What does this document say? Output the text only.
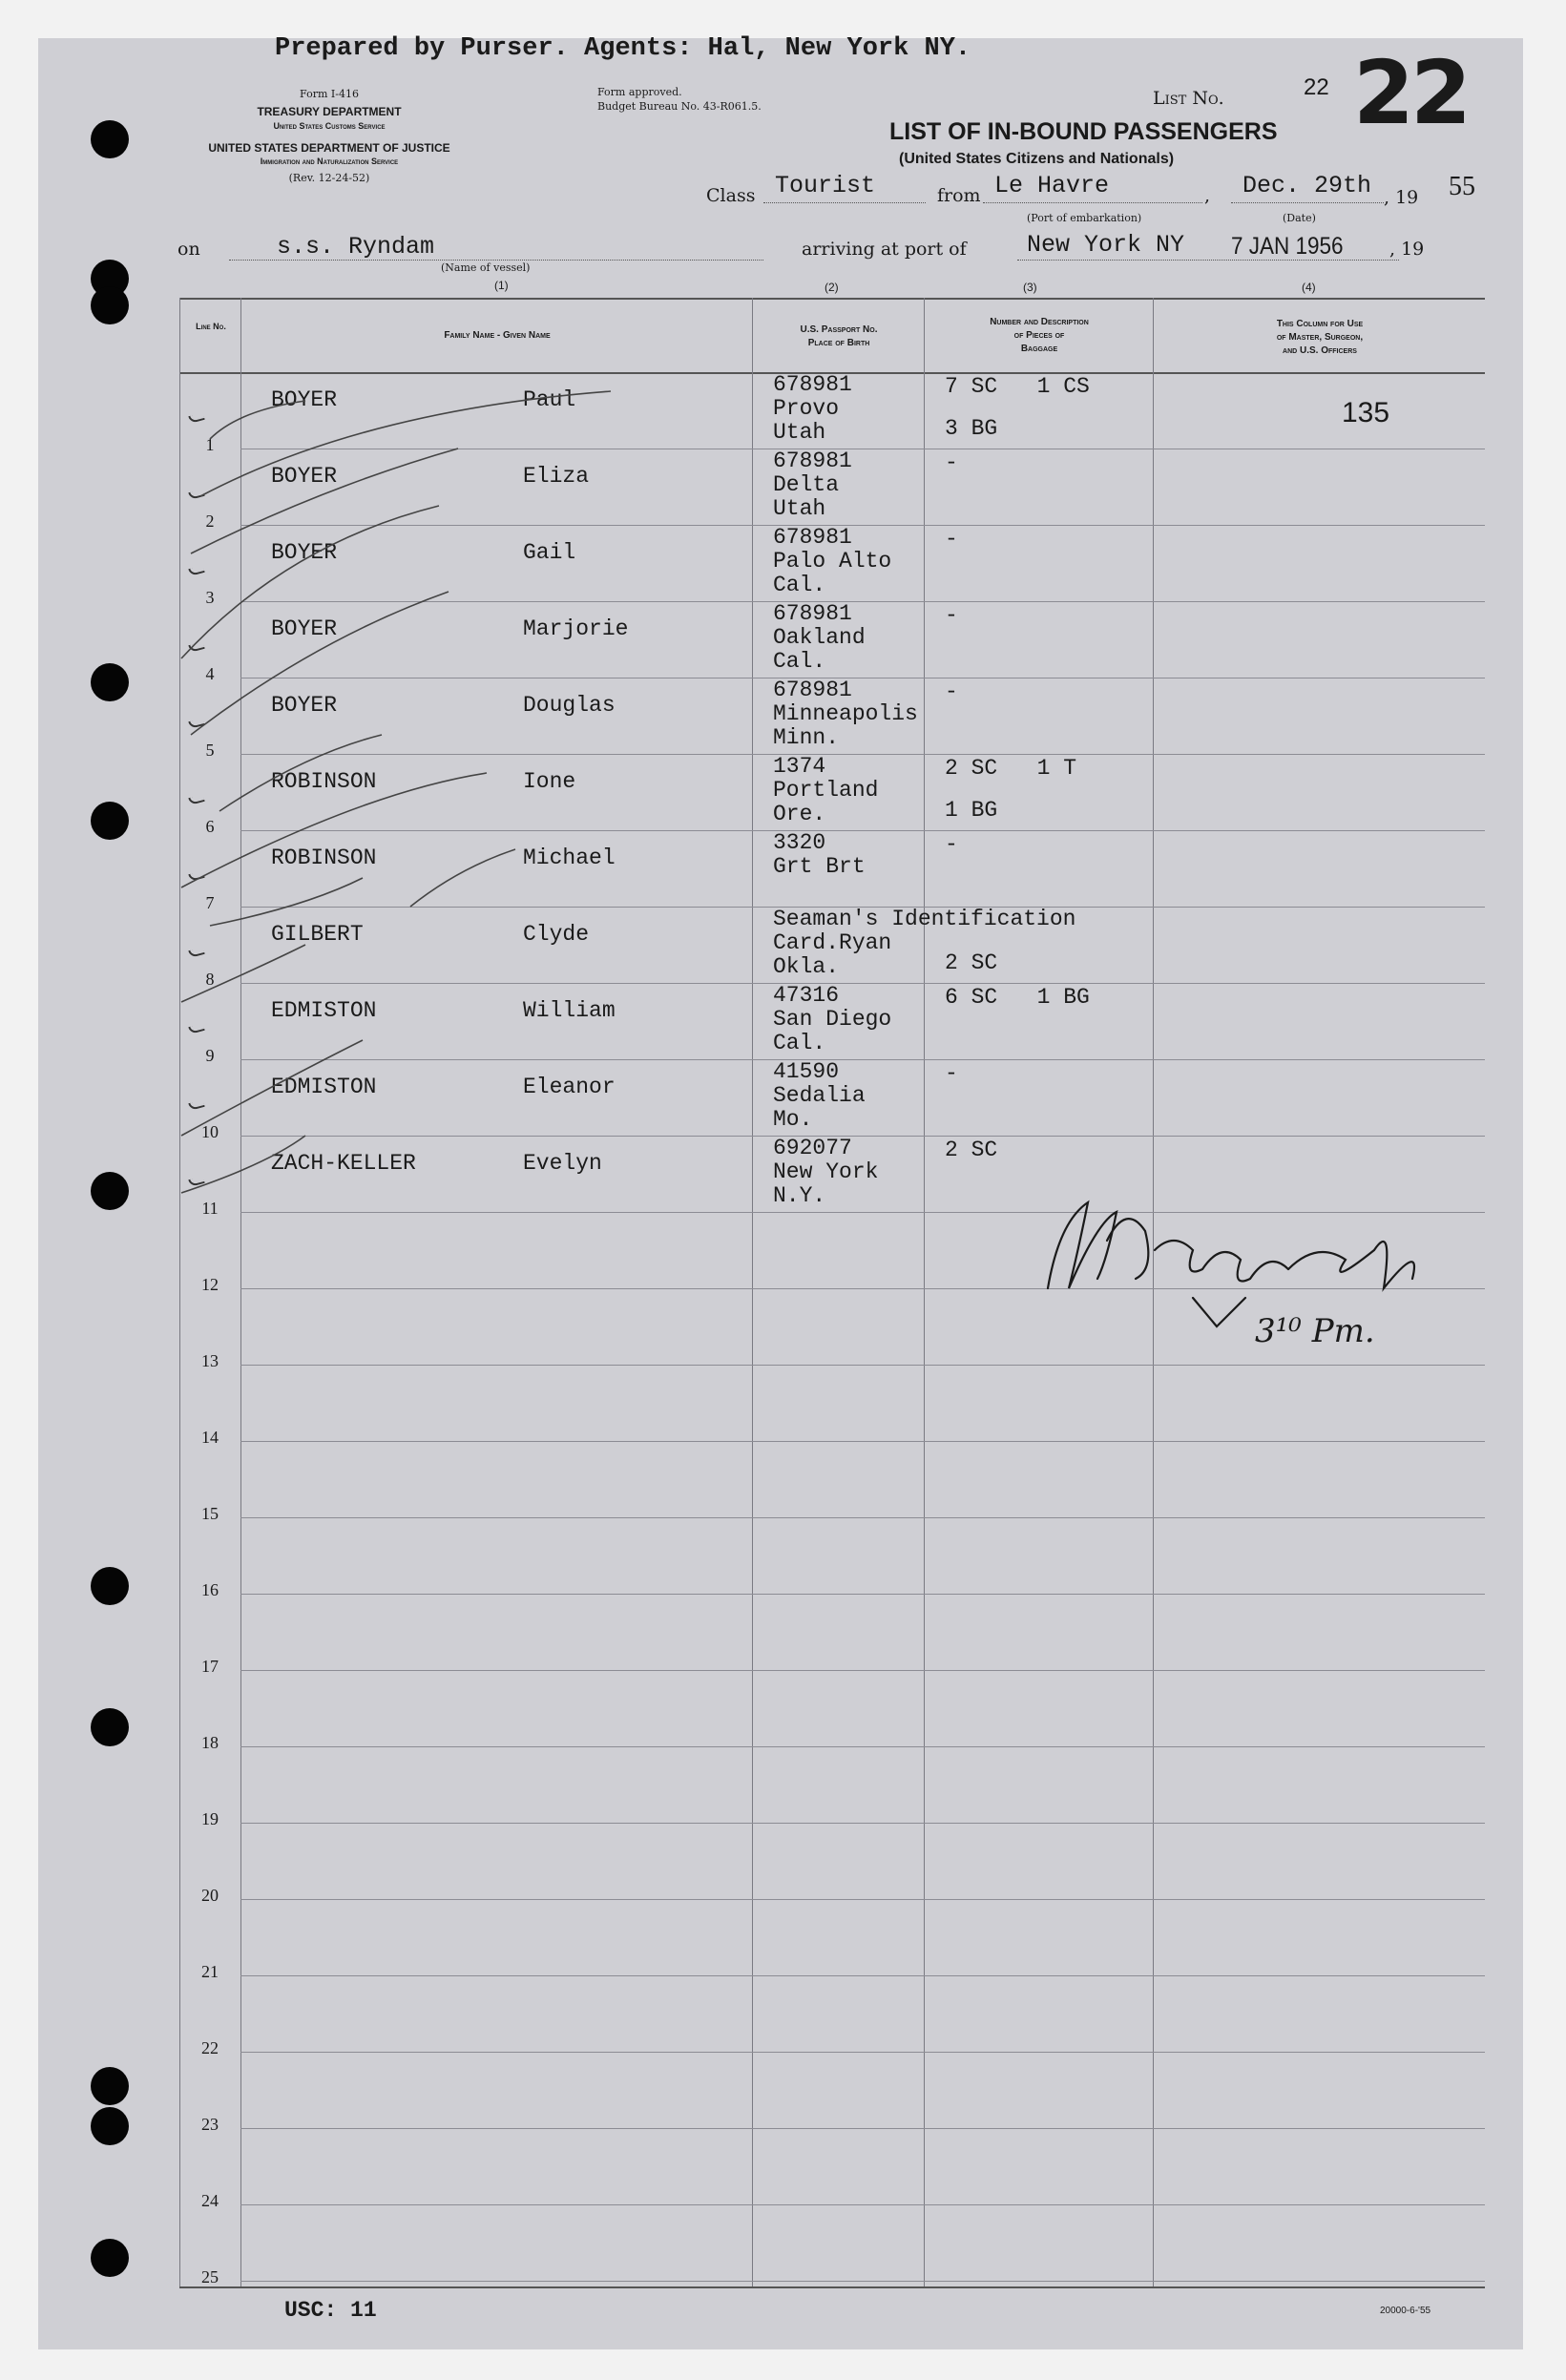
Prepared by Purser. Agents: Hal, New York NY.
Form I-416
TREASURY DEPARTMENT
United States Customs Service
UNITED STATES DEPARTMENT OF JUSTICE
Immigration and Naturalization Service
(Rev. 12-24-52)
Form approved.
Budget Bureau No. 43-R061.5.	List No.	22 22
LIST OF IN-BOUND PASSENGERS
(United States Citizens and Nationals)
Class Tourist	from Le Havre
(Port of embarkation)
, Dec. 29th
(Date)
, 19 55
on	s.s. Ryndam
(Name of vessel)
arriving at port of	New York NY 7 JAN 1956	, 19
(1)	(2)	(3)	(4)
Line No.
Family Name - Given Name
U.S. Passport No.
Place of Birth
Number and Description
of Pieces of
Baggage
This Column for Use
of Master, Surgeon,
and U.S. Officers
1
BOYER	Paul
678981
Provo
Utah
7 SC   1 CS
3 BG	135
2
BOYER	Eliza
678981
Delta
Utah
-
3
BOYER	Gail
678981
Palo Alto
Cal.
-
4
BOYER	Marjorie
678981
Oakland
Cal.
-
5
BOYER	Douglas
678981
Minneapolis
Minn.
-
6
ROBINSON	Ione
1374
Portland
Ore.
2 SC   1 T
1 BG
7
ROBINSON	Michael
3320
Grt Brt
-
8
GILBERT	Clyde
Seaman's Identification
Card.Ryan
Okla.	2 SC
9
EDMISTON	William
47316
San Diego
Cal.
6 SC   1 BG
10
EDMISTON	Eleanor
41590
Sedalia
Mo.
-
11
ZACH-KELLER	Evelyn
692077
New York
N.Y.
2 SC
12
13
14
15
16
17
18
19
20
21
22
23
24
25
3¹⁰ Pm.
USC: 11	20000-6-'55
